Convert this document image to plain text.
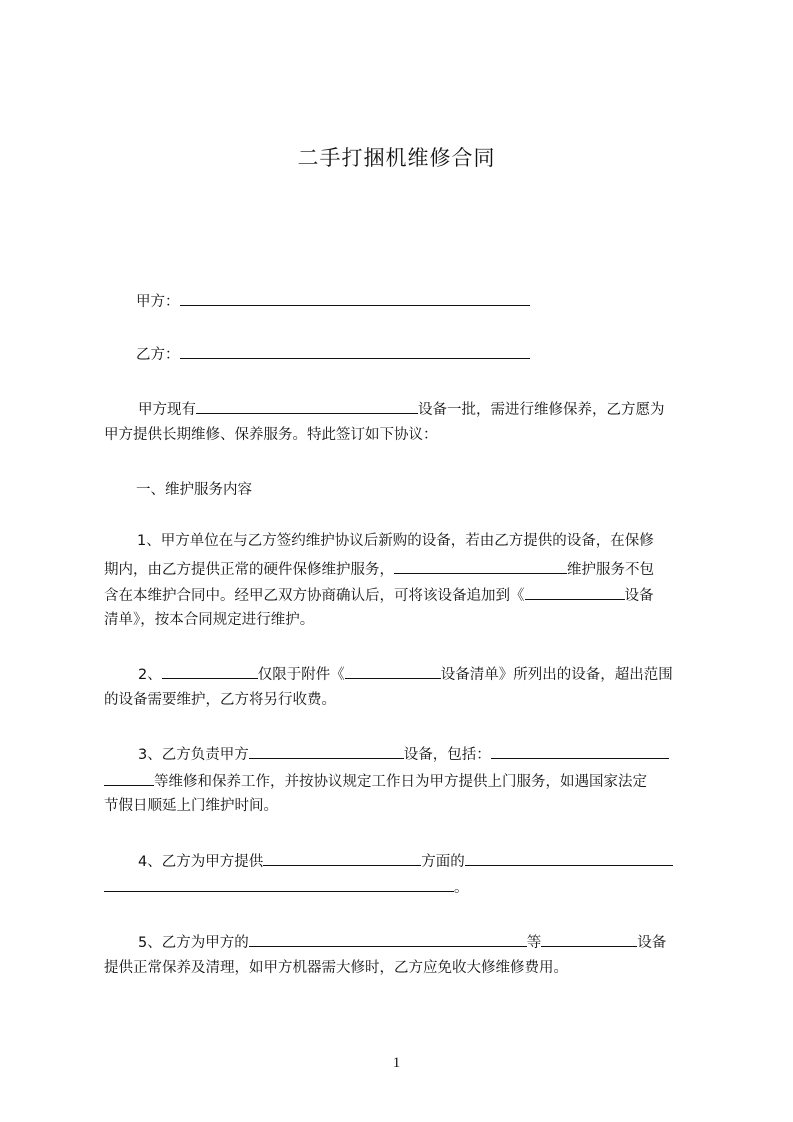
二手打捆机维修合同
甲方：
乙方：
甲方现有	设备一批，需进行维修保养，乙方愿为
甲方提供长期维修、保养服务。特此签订如下协议：
一、维护服务内容
1、甲方单位在与乙方签约维护协议后新购的设备，若由乙方提供的设备，在保修
期内，由乙方提供正常的硬件保修维护服务，	维护服务不包
含在本维护合同中。经甲乙双方协商确认后，可将该设备追加到《	设备
清单》，按本合同规定进行维护。
2、	仅限于附件《	设备清单》所列出的设备，超出范围
的设备需要维护，乙方将另行收费。
3、乙方负责甲方	设备，包括：
等维修和保养工作，并按协议规定工作日为甲方提供上门服务，如遇国家法定
节假日顺延上门维护时间。
4、乙方为甲方提供	方面的
。
5、乙方为甲方的	等	设备
提供正常保养及清理，如甲方机器需大修时，乙方应免收大修维修费用。
1
